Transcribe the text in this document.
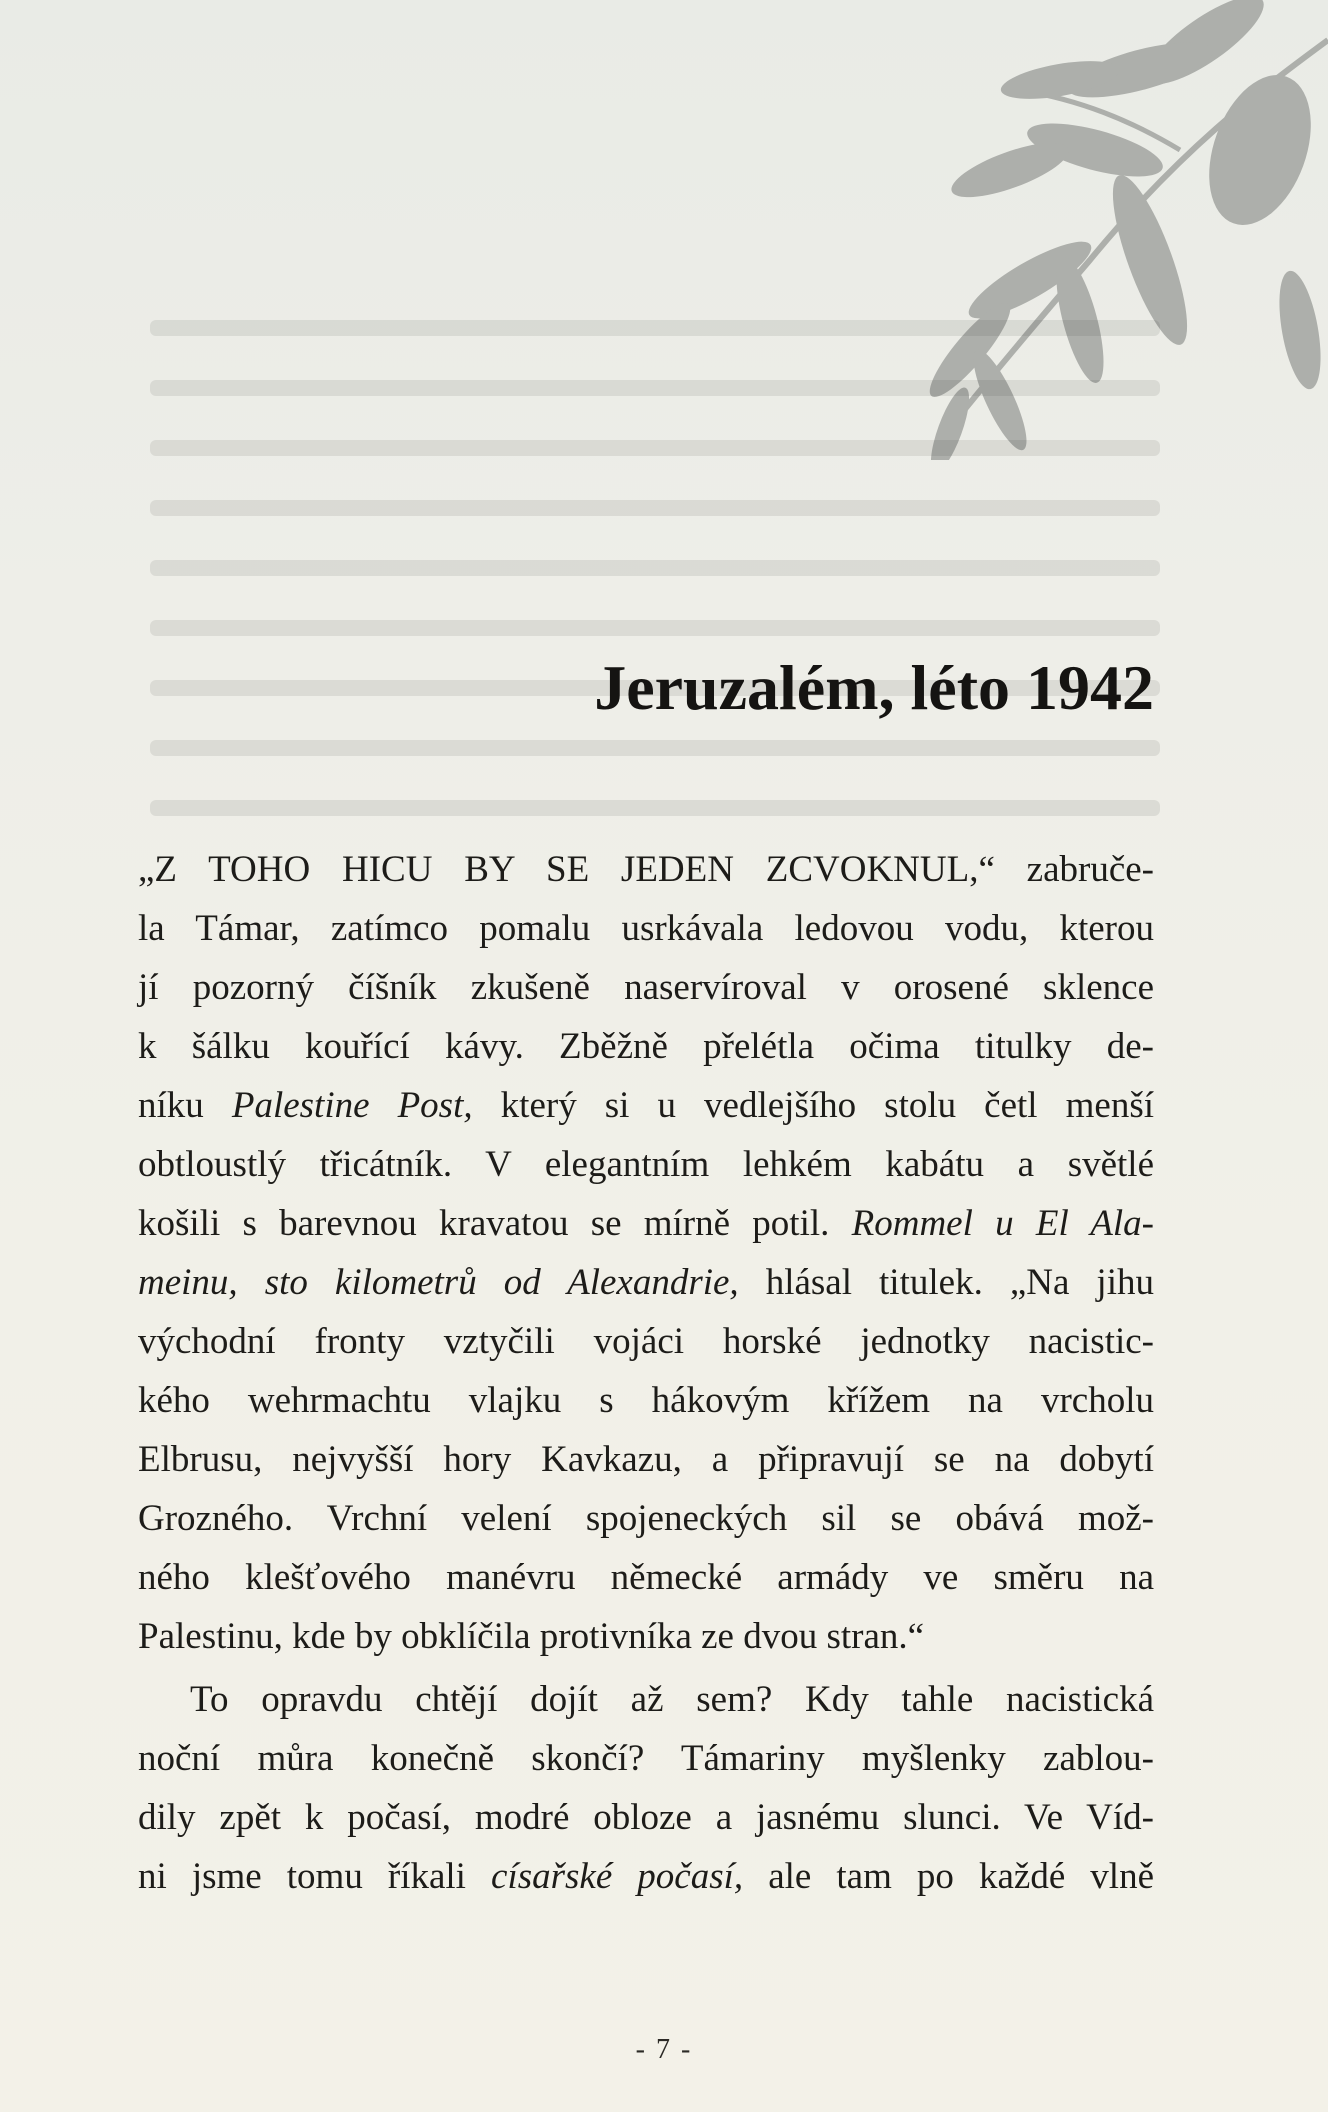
Jeruzalém, léto 1942
„Z TOHO HICU BY SE JEDEN ZCVOKNUL,“ zabruče-
la Támar, zatímco pomalu usrkávala ledovou vodu, kterou
jí pozorný číšník zkušeně naservíroval v orosené sklence
k šálku kouřící kávy. Zběžně přelétla očima titulky de-
níku Palestine Post, který si u vedlejšího stolu četl menší
obtloustlý třicátník. V elegantním lehkém kabátu a světlé
košili s barevnou kravatou se mírně potil. Rommel u El Ala-
meinu, sto kilometrů od Alexandrie, hlásal titulek. „Na jihu
východní fronty vztyčili vojáci horské jednotky nacistic-
kého wehrmachtu vlajku s hákovým křížem na vrcholu
Elbrusu, nejvyšší hory Kavkazu, a připravují se na dobytí
Grozného. Vrchní velení spojeneckých sil se obává mož-
ného klešťového manévru německé armády ve směru na
Palestinu, kde by obklíčila protivníka ze dvou stran.“
To opravdu chtějí dojít až sem? Kdy tahle nacistická
noční můra konečně skončí? Támariny myšlenky zablou-
dily zpět k počasí, modré obloze a jasnému slunci. Ve Víd-
ni jsme tomu říkali císařské počasí, ale tam po každé vlně
- 7 -
